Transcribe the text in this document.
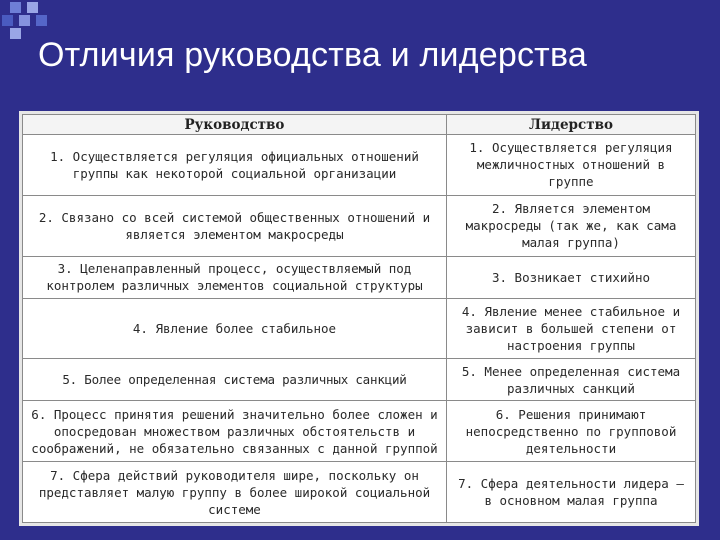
Отличия руководства и лидерства
Руководство	Лидерство
1. Осуществляется регуляция официальных отношений группы как некоторой социальной организации	1. Осуществляется регуляция межличностных отношений в группе
2. Связано со всей системой общественных отношений и является элементом макросреды	2. Является элементом макросреды (так же, как сама малая группа)
3. Целенаправленный процесс, осуществляемый под контролем различных элементов социальной структуры	3. Возникает стихийно
4. Явление более стабильное	4. Явление менее стабильное и зависит в большей степени от настроения группы
5. Более определенная система различных санкций	5. Менее определенная система различных санкций
6. Процесс принятия решений значительно более сложен и опосредован множеством различных обстоятельств и соображений, не обязательно связанных с данной группой	6. Решения принимают непосредственно по групповой деятельности
7. Сфера действий руководителя шире, поскольку он представляет малую группу в более широкой социальной системе	7. Сфера деятельности лидера — в основном малая группа
